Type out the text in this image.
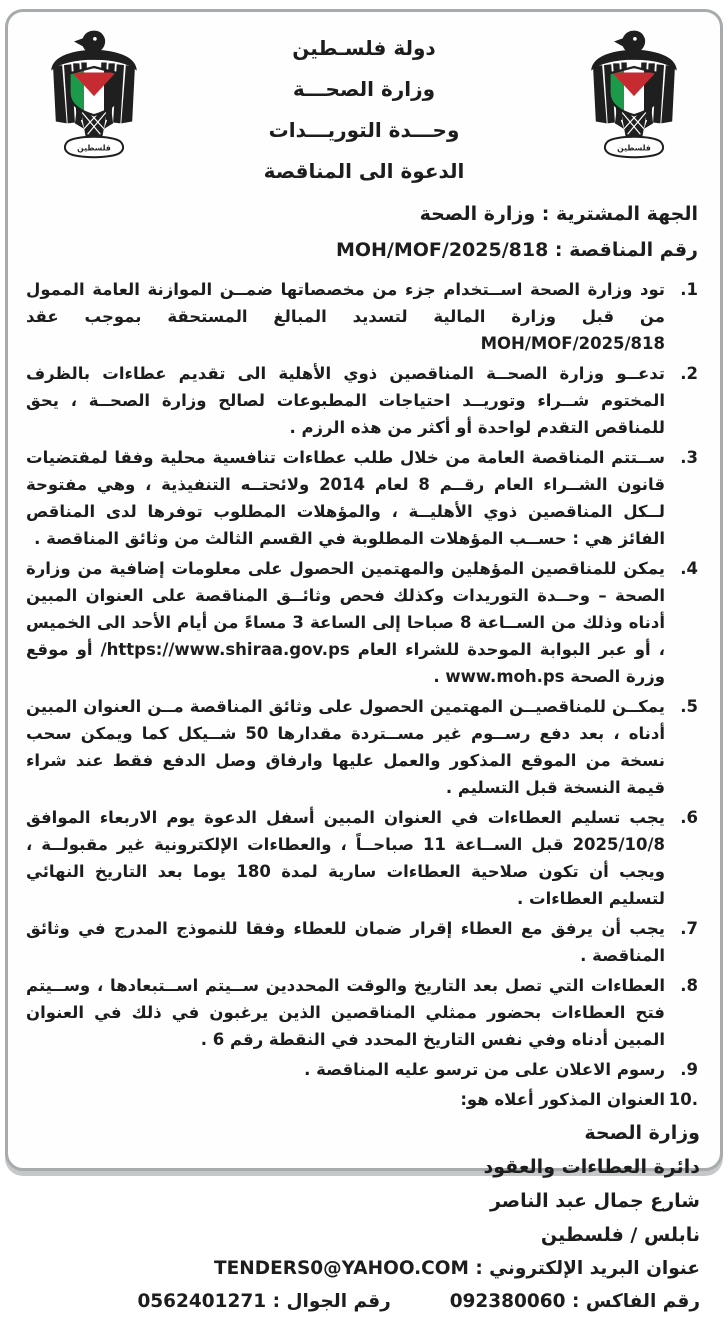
فلسطين	فلسطين
دولة فلسـطين
وزارة الصحـــة
وحـــدة التوريـــدات
الدعوة الى المناقصة
الجهة المشترية : وزارة الصحة
رقم المناقصة : MOH/MOF/2025/818
1.
تود وزارة الصحة اســتخدام جزء من مخصصاتها ضمــن الموازنة العامة الممول من قبل وزارة المالية لتسديد المبالغ المستحقة بموجب عقد MOH/MOF/2025/818
2.
تدعــو وزارة الصحــة المناقصين ذوي الأهلية الى تقديم عطاءات بالظرف المختوم شــراء وتوريــد احتياجات المطبوعات لصالح وزارة الصحــة ، يحق للمناقص التقدم لواحدة أو أكثر من هذه الرزم .
3.
ســتتم المناقصة العامة من خلال طلب عطاءات تنافسية محلية وفقا لمقتضيات قانون الشــراء العام رقــم 8 لعام 2014 ولائحتــه التنفيذية ، وهي مفتوحة لــكل المناقصين ذوي الأهليــة ، والمؤهلات المطلوب توفرها لدى المناقص الفائز هي : حســب المؤهلات المطلوبة في القسم الثالث من وثائق المناقصة .
4.
يمكن للمناقصين المؤهلين والمهتمين الحصول على معلومات إضافية من وزارة الصحة – وحــدة التوريدات وكذلك فحص وثائــق المناقصة على العنوان المبين أدناه وذلك من الســاعة 8 صباحا إلى الساعة 3 مساءً من أيام الأحد الى الخميس ، أو عبر البوابة الموحدة للشراء العام https://www.shiraa.gov.ps/ أو موقع وزرة الصحة www.moh.ps .
5.
يمكــن للمناقصيــن المهتمين الحصول على وثائق المناقصة مــن العنوان المبين أدناه ، بعد دفع رســوم غير مســتردة مقدارها 50 شــيكل كما ويمكن سحب نسخة من الموقع المذكور والعمل عليها وارفاق وصل الدفع فقط عند شراء قيمة النسخة قبل التسليم .
6.
يجب تسليم العطاءات في العنوان المبين أسفل الدعوة يوم الاربعاء الموافق 2025/10/8 قبل الســاعة 11 صباحــاً ، والعطاءات الإلكترونية غير مقبولــة ، ويجب أن تكون صلاحية العطاءات سارية لمدة 180 يوما بعد التاريخ النهائي لتسليم العطاءات .
7.
يجب أن يرفق مع العطاء إقرار ضمان للعطاء وفقا للنموذج المدرج في وثائق المناقصة .
8.
العطاءات التي تصل بعد التاريخ والوقت المحددين ســيتم اســتبعادها ، وســيتم فتح العطاءات بحضور ممثلي المناقصين الذين يرغبون في ذلك في العنوان المبين أدناه وفي نفس التاريخ المحدد في النقطة رقم 6 .
9.
رسوم الاعلان على من ترسو عليه المناقصة .
10.
العنوان المذكور أعلاه هو:
وزارة الصحة
دائرة العطاءات والعقود
شارع جمال عبد الناصر
نابلس / فلسطين
عنوان البريد الإلكتروني : TENDERS0@YAHOO.COM
رقم الفاكس : 092380060  رقم الجوال : 0562401271
